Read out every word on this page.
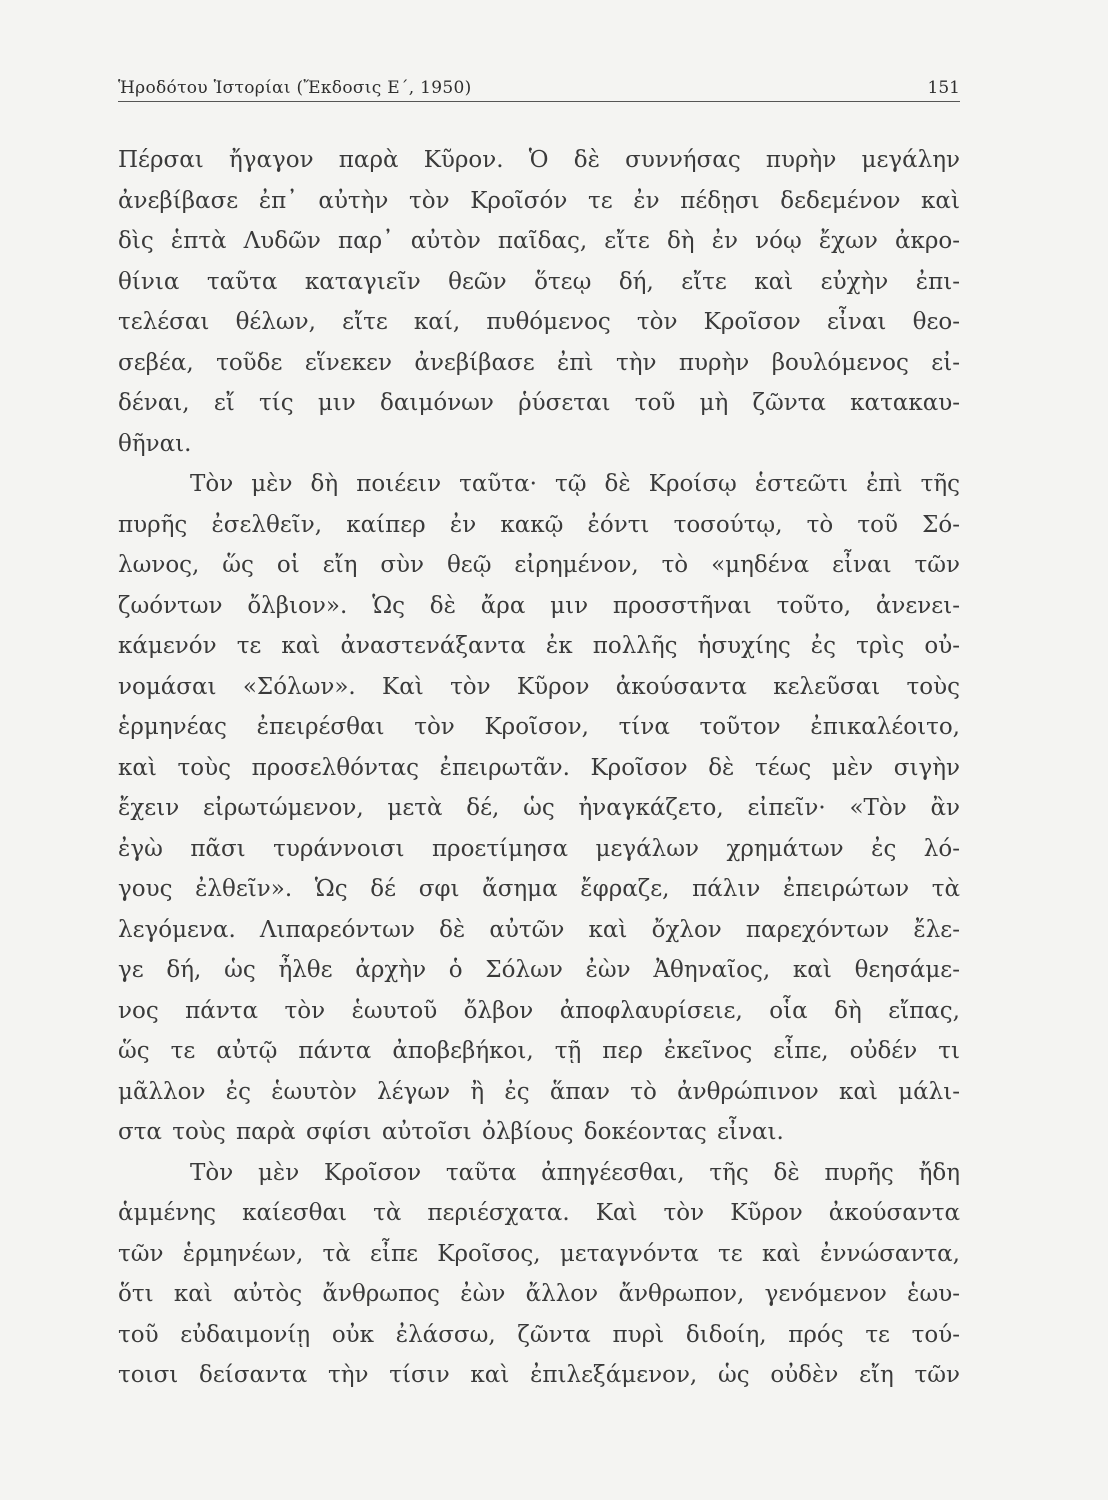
Ἡροδότου Ἱστορίαι (Ἔκδοσις Ε΄, 1950)	151
Πέρσαι ἤγαγον παρὰ Κῦρον. Ὁ δὲ συννήσας πυρὴν μεγάλην
ἀνεβίβασε ἐπ᾽ αὐτὴν τὸν Κροῖσόν τε ἐν πέδῃσι δεδεμένον καὶ
δὶς ἑπτὰ Λυδῶν παρ᾽ αὐτὸν παῖδας, εἴτε δὴ ἐν νόῳ ἔχων ἀκρο-
θίνια ταῦτα καταγιεῖν θεῶν ὅτεῳ δή, εἴτε καὶ εὐχὴν ἐπι-
τελέσαι θέλων, εἴτε καί, πυθόμενος τὸν Κροῖσον εἶναι θεο-
σεβέα, τοῦδε εἵνεκεν ἀνεβίβασε ἐπὶ τὴν πυρὴν βουλόμενος εἰ-
δέναι, εἴ τίς μιν δαιμόνων ῥύσεται τοῦ μὴ ζῶντα κατακαυ-
θῆναι.
Τὸν μὲν δὴ ποιέειν ταῦτα· τῷ δὲ Κροίσῳ ἑστεῶτι ἐπὶ τῆς
πυρῆς ἐσελθεῖν, καίπερ ἐν κακῷ ἐόντι τοσούτῳ, τὸ τοῦ Σό-
λωνος, ὥς οἱ εἴη σὺν θεῷ εἰρημένον, τὸ «μηδένα εἶναι τῶν
ζωόντων ὄλβιον». Ὡς δὲ ἄρα μιν προσστῆναι τοῦτο, ἀνενει-
κάμενόν τε καὶ ἀναστενάξαντα ἐκ πολλῆς ἡσυχίης ἐς τρὶς οὐ-
νομάσαι «Σόλων». Καὶ τὸν Κῦρον ἀκούσαντα κελεῦσαι τοὺς
ἑρμηνέας ἐπειρέσθαι τὸν Κροῖσον, τίνα τοῦτον ἐπικαλέοιτο,
καὶ τοὺς προσελθόντας ἐπειρωτᾶν. Κροῖσον δὲ τέως μὲν σιγὴν
ἔχειν εἰρωτώμενον, μετὰ δέ, ὡς ἠναγκάζετο, εἰπεῖν· «Τὸν ἂν
ἐγὼ πᾶσι τυράννοισι προετίμησα μεγάλων χρημάτων ἐς λό-
γους ἐλθεῖν». Ὡς δέ σφι ἄσημα ἔφραζε, πάλιν ἐπειρώτων τὰ
λεγόμενα. Λιπαρεόντων δὲ αὐτῶν καὶ ὄχλον παρεχόντων ἔλε-
γε δή, ὡς ἦλθε ἀρχὴν ὁ Σόλων ἐὼν Ἀθηναῖος, καὶ θεησάμε-
νος πάντα τὸν ἑωυτοῦ ὄλβον ἀποφλαυρίσειε, οἷα δὴ εἴπας,
ὥς τε αὐτῷ πάντα ἀποβεβήκοι, τῇ περ ἐκεῖνος εἶπε, οὐδέν τι
μᾶλλον ἐς ἑωυτὸν λέγων ἢ ἐς ἅπαν τὸ ἀνθρώπινον καὶ μάλι-
στα τοὺς παρὰ σφίσι αὐτοῖσι ὀλβίους δοκέοντας εἶναι.
Τὸν μὲν Κροῖσον ταῦτα ἀπηγέεσθαι, τῆς δὲ πυρῆς ἤδη
ἁμμένης καίεσθαι τὰ περιέσχατα. Καὶ τὸν Κῦρον ἀκούσαντα
τῶν ἑρμηνέων, τὰ εἶπε Κροῖσος, μεταγνόντα τε καὶ ἐννώσαντα,
ὅτι καὶ αὐτὸς ἄνθρωπος ἐὼν ἄλλον ἄνθρωπον, γενόμενον ἑωυ-
τοῦ εὐδαιμονίῃ οὐκ ἐλάσσω, ζῶντα πυρὶ διδοίη, πρός τε τού-
τοισι δείσαντα τὴν τίσιν καὶ ἐπιλεξάμενον, ὡς οὐδὲν εἴη τῶν
